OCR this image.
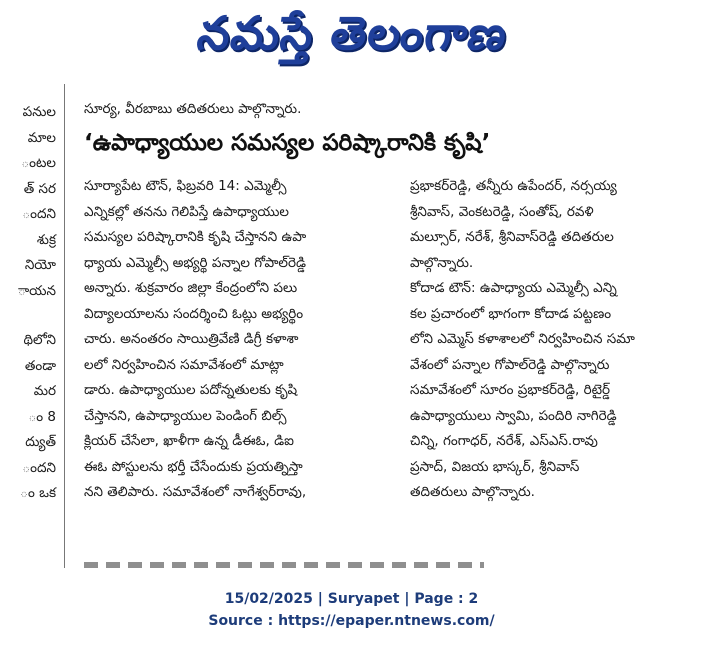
నమస్తే తెలంగాణ
పనుల
మాల
ంటల
త్ సర
ందని
శుక్ర
నియో
ాయన
థిలోని
తండా
మర
ం 8
ద్యుత్
ందని
ం ఒక
సూర్య, వీరబాబు తదితరులు పాల్గొన్నారు.
‘ఉపాధ్యాయుల సమస్యల పరిష్కారానికి కృషి’
సూర్యాపేట టౌన్, ఫిబ్రవరి 14: ఎమ్మెల్సీ
ఎన్నికల్లో తనను గెలిపిస్తే ఉపాధ్యాయుల
సమస్యల పరిష్కారానికి కృషి చేస్తానని ఉపా
ధ్యాయ ఎమ్మెల్సీ అభ్యర్థి పన్నాల గోపాల్‌రెడ్డి
అన్నారు. శుక్రవారం జిల్లా కేంద్రంలోని పలు
విద్యాలయాలను సందర్శించి ఓట్లు అభ్యర్థిం
చారు. అనంతరం సాయిత్రివేణి డిగ్రీ కళాశా
లలో నిర్వహించిన సమావేశంలో మాట్లా
డారు. ఉపాధ్యాయుల పదోన్నతులకు కృషి
చేస్తానని, ఉపాధ్యాయుల పెండింగ్ బిల్స్
క్లియర్ చేసేలా, ఖాళీగా ఉన్న డీఈఓ, డిఐ
ఈఓ పోస్టులను భర్తీ చేసేందుకు ప్రయత్నిస్తా
నని తెలిపారు. సమావేశంలో నాగేశ్వర్‌రావు,
ప్రభాకర్‌రెడ్డి, తన్నీరు ఉపేందర్, నర్సయ్య
శ్రీనివాస్, వెంకటరెడ్డి, సంతోష్, రవళి
మల్సూర్, నరేశ్, శ్రీనివాస్‌రెడ్డి తదితరుల
పాల్గొన్నారు.
కోదాడ టౌన్: ఉపాధ్యాయ ఎమ్మెల్సీ ఎన్ని
కల ప్రచారంలో భాగంగా కోదాడ పట్టణం
లోని ఎమ్మెస్ కళాశాలలో నిర్వహించిన సమా
వేశంలో పన్నాల గోపాల్‌రెడ్డి పాల్గొన్నారు
సమావేశంలో సూరం ప్రభాకర్‌రెడ్డి, రిటైర్డ్
ఉపాధ్యాయులు స్వామి, పందిరి నాగిరెడ్డి
చిన్ని, గంగాధర్, నరేశ్, ఎస్ఎస్.రావు
ప్రసాద్, విజయ భాస్కర్, శ్రీనివాస్
తదితరులు పాల్గొన్నారు.
15/02/2025 | Suryapet | Page : 2
Source : https://epaper.ntnews.com/
